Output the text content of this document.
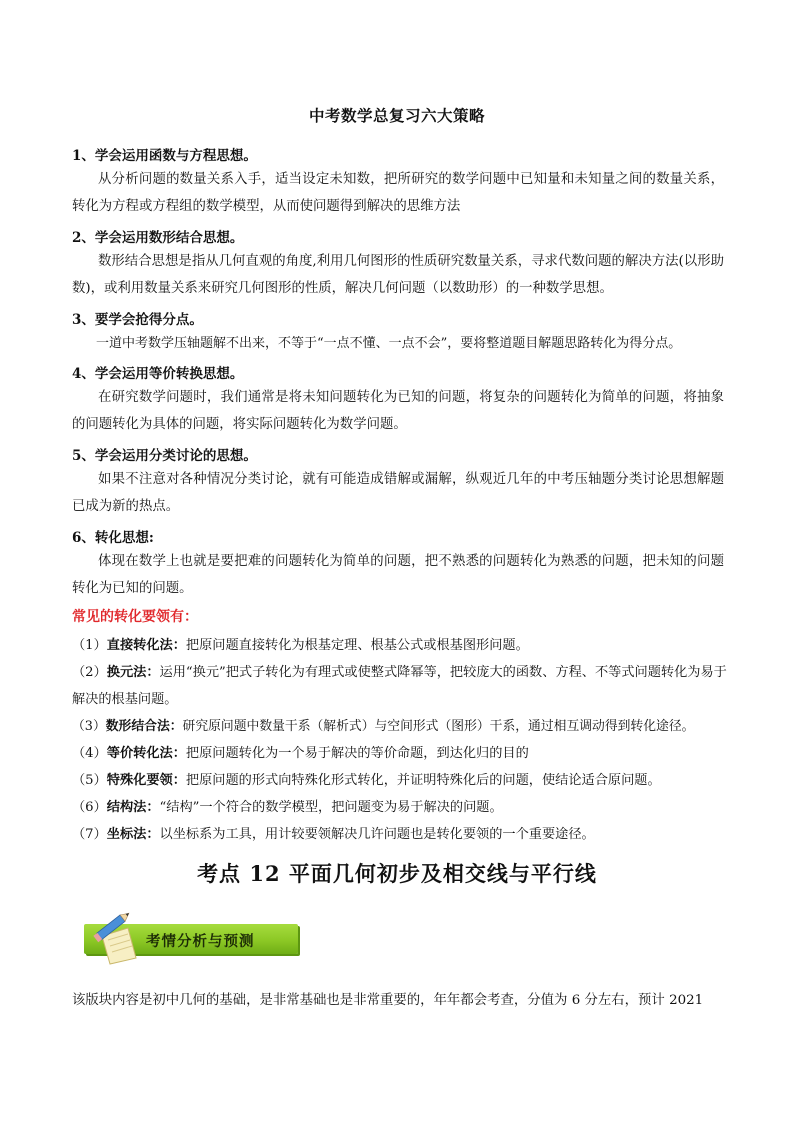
中考数学总复习六大策略
1、学会运用函数与方程思想。
从分析问题的数量关系入手，适当设定未知数，把所研究的数学问题中已知量和未知量之间的数量关系，转化为方程或方程组的数学模型，从而使问题得到解决的思维方法
2、学会运用数形结合思想。
数形结合思想是指从几何直观的角度,利用几何图形的性质研究数量关系，寻求代数问题的解决方法(以形助数)，或利用数量关系来研究几何图形的性质，解决几何问题（以数助形）的一种数学思想。
3、要学会抢得分点。
一道中考数学压轴题解不出来，不等于“一点不懂、一点不会”，要将整道题目解题思路转化为得分点。
4、学会运用等价转换思想。
在研究数学问题时，我们通常是将未知问题转化为已知的问题，将复杂的问题转化为简单的问题，将抽象的问题转化为具体的问题，将实际问题转化为数学问题。
5、学会运用分类讨论的思想。
如果不注意对各种情况分类讨论，就有可能造成错解或漏解，纵观近几年的中考压轴题分类讨论思想解题已成为新的热点。
6、转化思想:
体现在数学上也就是要把难的问题转化为简单的问题，把不熟悉的问题转化为熟悉的问题，把未知的问题转化为已知的问题。
常见的转化要领有：
（1）直接转化法：把原问题直接转化为根基定理、根基公式或根基图形问题。
（2）换元法：运用“换元”把式子转化为有理式或使整式降幂等，把较庞大的函数、方程、不等式问题转化为易于解决的根基问题。
（3）数形结合法：研究原问题中数量干系（解析式）与空间形式（图形）干系，通过相互调动得到转化途径。
（4）等价转化法：把原问题转化为一个易于解决的等价命题，到达化归的目的
（5）特殊化要领：把原问题的形式向特殊化形式转化，并证明特殊化后的问题，使结论适合原问题。
（6）结构法：“结构”一个符合的数学模型，把问题变为易于解决的问题。
（7）坐标法：以坐标系为工具，用计较要领解决几许问题也是转化要领的一个重要途径。
考点 12 平面几何初步及相交线与平行线
考情分析与预测
该版块内容是初中几何的基础，是非常基础也是非常重要的，年年都会考查，分值为 6 分左右，预计 2021
